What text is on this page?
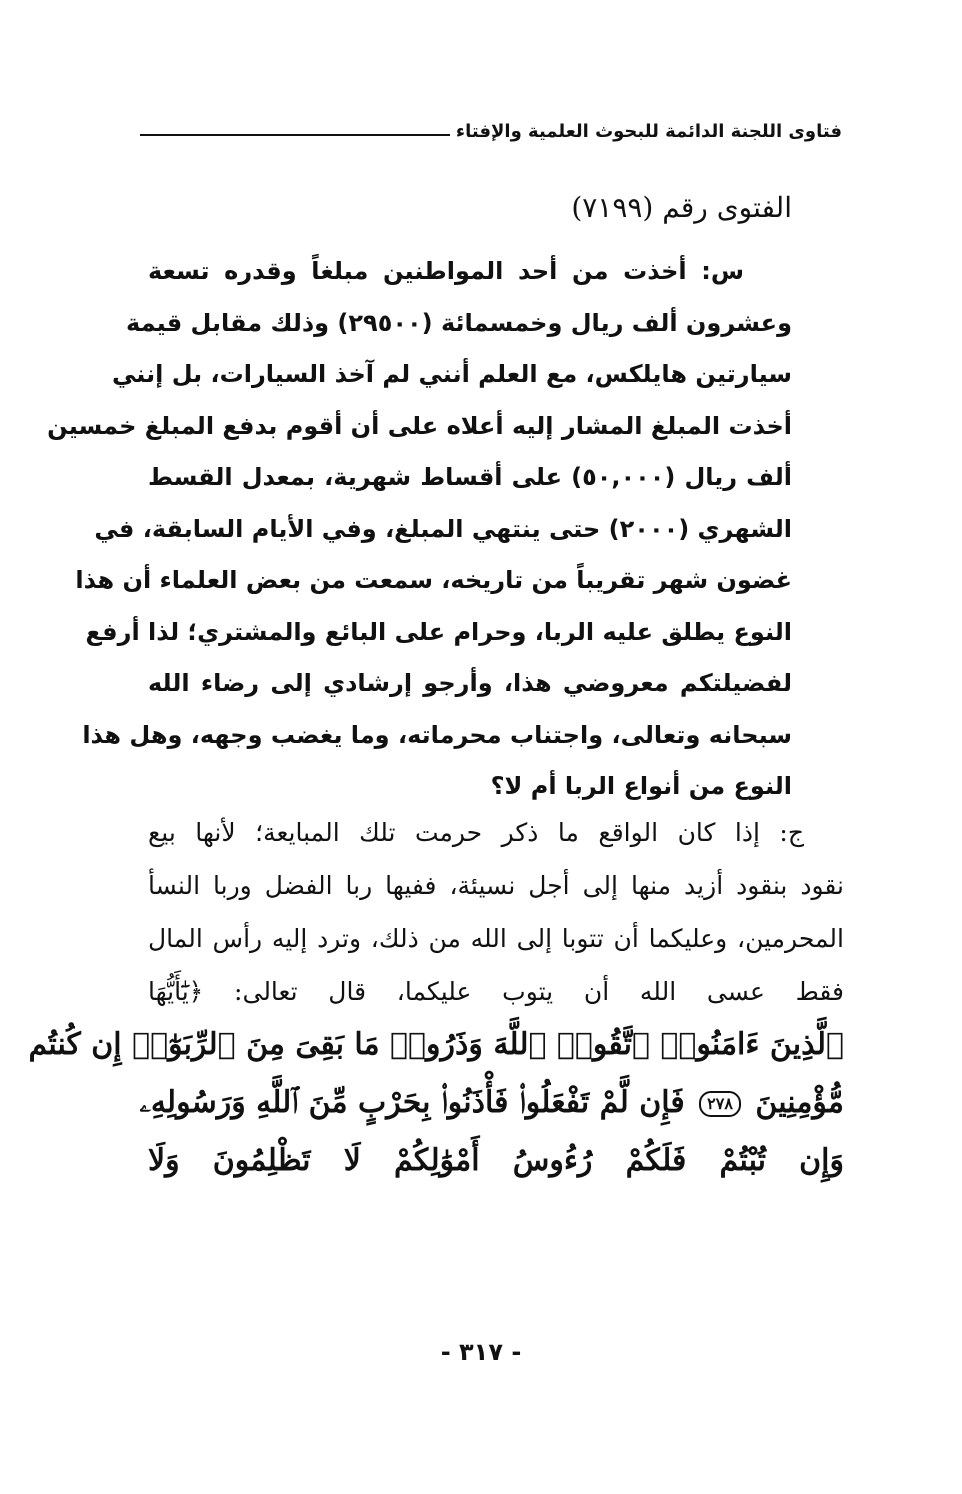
فتاوى اللجنة الدائمة للبحوث العلمية والإفتاء
الفتوى رقم (٧١٩٩)
س: أخذت من أحد المواطنين مبلغاً وقدره تسعة
وعشرون ألف ريال وخمسمائة (٢٩٥٠٠) وذلك مقابل قيمة
سيارتين هايلكس، مع العلم أنني لم آخذ السيارات، بل إنني
أخذت المبلغ المشار إليه أعلاه على أن أقوم بدفع المبلغ خمسين
ألف ريال (٥٠,٠٠٠) على أقساط شهرية، بمعدل القسط
الشهري (٢٠٠٠) حتى ينتهي المبلغ، وفي الأيام السابقة، في
غضون شهر تقريباً من تاريخه، سمعت من بعض العلماء أن هذا
النوع يطلق عليه الربا، وحرام على البائع والمشتري؛ لذا أرفع
لفضيلتكم معروضي هذا، وأرجو إرشادي إلى رضاء الله
سبحانه وتعالى، واجتناب محرماته، وما يغضب وجهه، وهل هذا
النوع من أنواع الربا أم لا؟
ج: إذا كان الواقع ما ذكر حرمت تلك المبايعة؛ لأنها بيع
نقود بنقود أزيد منها إلى أجل نسيئة، ففيها ربا الفضل وربا النسأ
المحرمين، وعليكما أن تتوبا إلى الله من ذلك، وترد إليه رأس المال
فقط عسى الله أن يتوب عليكما، قال تعالى: ﴿يَٰٓأَيُّهَا
ٱلَّذِينَ ءَامَنُوا۟ ٱتَّقُوا۟ ٱللَّهَ وَذَرُوا۟ مَا بَقِىَ مِنَ ٱلرِّبَوٰٓا۟ إِن كُنتُم
مُّؤْمِنِينَ ٢٧٨ فَإِن لَّمْ تَفْعَلُوا۟ فَأْذَنُوا۟ بِحَرْبٍ مِّنَ ٱللَّهِ وَرَسُولِهِۦ
وَإِن تُبْتُمْ فَلَكُمْ رُءُوسُ أَمْوَٰلِكُمْ لَا تَظْلِمُونَ وَلَا
- ٣١٧ -
